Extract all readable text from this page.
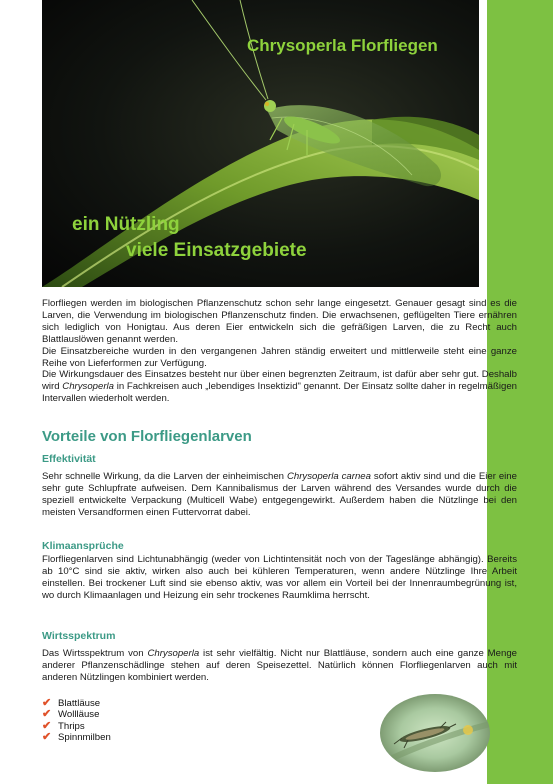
Chrysoperla Florfliegen
ein Nützling
viele Einsatzgebiete

Florfliegen werden im biologischen Pflanzenschutz schon sehr lange eingesetzt. Genauer gesagt sind es die Larven, die Verwendung im biologischen Pflanzenschutz finden. Die erwachsenen, geflügelten Tiere ernähren sich lediglich von Honigtau. Aus deren Eier entwickeln sich die gefräßigen Larven, die zu Recht auch Blattlauslöwen genannt werden.

Die Einsatzbereiche wurden in den vergangenen Jahren ständig erweitert und mittlerweile steht eine ganze Reihe von Lieferformen zur Verfügung.

Die Wirkungsdauer des Einsatzes besteht nur über einen begrenzten Zeitraum, ist dafür aber sehr gut. Deshalb wird Chrysoperla in Fachkreisen auch „lebendiges Insektizid" genannt. Der Einsatz sollte daher in regelmäßigen Intervallen wiederholt werden.

Vorteile von Florfliegenlarven
Effektivität

Sehr schnelle Wirkung, da die Larven der einheimischen Chrysoperla carnea sofort aktiv sind und die Eier eine sehr gute Schlupfrate aufweisen. Dem Kannibalismus der Larven während des Versandes wurde durch die speziell entwickelte Verpackung (Multicell Wabe) entgegengewirkt. Außerdem haben die Nützlinge bei den meisten Versandformen einen Futtervorrat dabei.

Klimaansprüche

Florfliegenlarven sind Lichtunabhängig (weder von Lichtintensität noch von der Tageslänge abhängig). Bereits ab 10°C sind sie aktiv, wirken also auch bei kühleren Temperaturen, wenn andere Nützlinge Ihre Arbeit einstellen. Bei trockener Luft sind sie ebenso aktiv, was vor allem ein Vorteil bei der Innenraumbegrünung ist, wo durch Klimaanlagen und Heizung ein sehr trockenes Raumklima herrscht.

Wirtsspektrum

Das Wirtsspektrum von Chrysoperla ist sehr vielfältig. Nicht nur Blattläuse, sondern auch eine ganze Menge anderer Pflanzenschädlinge stehen auf deren Speisezettel. Natürlich können Florfliegenlarven auch mit anderen Nützlingen kombiniert werden.

✔ Blattläuse
✔ Wollläuse
✔ Thrips
✔ Spinnmilben
